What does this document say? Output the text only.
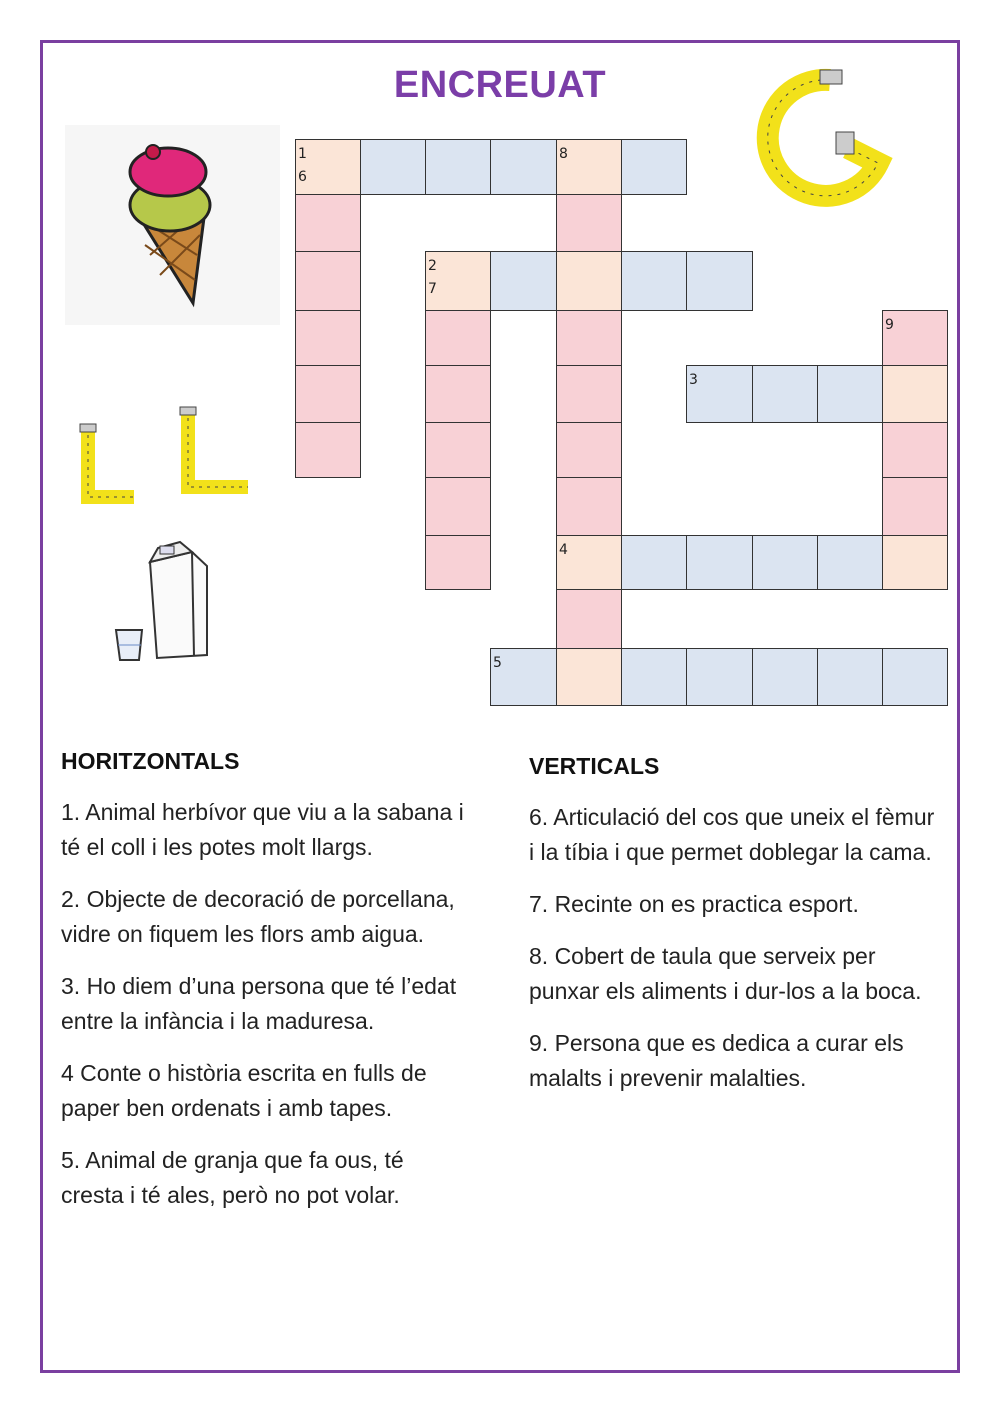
ENCREUAT
1
6
8
2
7
9
3
4
5
HORITZONTALS
1. Animal herbívor que viu a la sabana i té el coll i les potes molt llargs.
2. Objecte de decoració de porcellana, vidre on fiquem les flors amb aigua.
3. Ho diem d’una persona que té l’edat entre la infància i la maduresa.
4 Conte o història escrita en fulls de paper ben ordenats i amb tapes.
5. Animal de granja que fa ous, té cresta i té ales, però no pot volar.
VERTICALS
6. Articulació del cos que uneix el fèmur i la tíbia i que permet doblegar la cama.
7. Recinte on es practica esport.
8. Cobert de taula que serveix per punxar els aliments i dur-los a la boca.
9. Persona que es dedica a curar els malalts i prevenir malalties.
